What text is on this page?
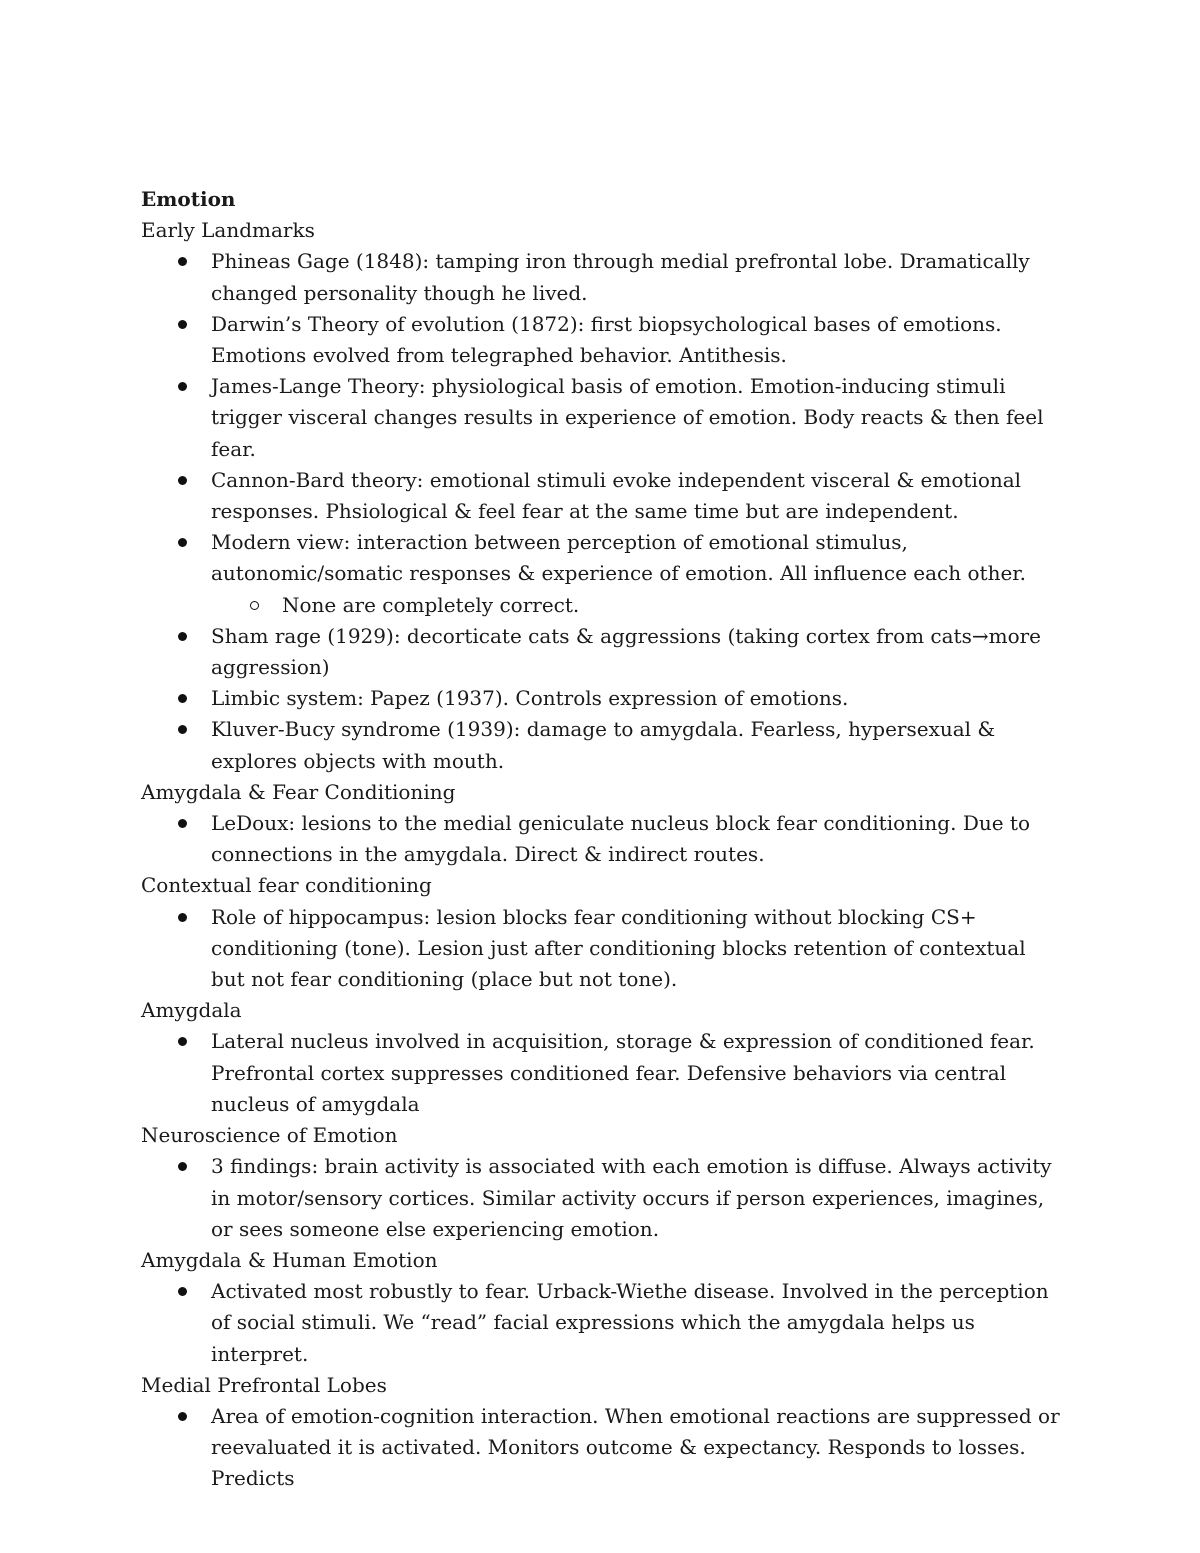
Emotion
Early Landmarks
Phineas Gage (1848): tamping iron through medial prefrontal lobe. Dramatically changed personality though he lived.
Darwin’s Theory of evolution (1872): first biopsychological bases of emotions. Emotions evolved from telegraphed behavior. Antithesis.
James-Lange Theory: physiological basis of emotion. Emotion-inducing stimuli trigger visceral changes results in experience of emotion. Body reacts & then feel fear.
Cannon-Bard theory: emotional stimuli evoke independent visceral & emotional responses. Phsiological & feel fear at the same time but are independent.
Modern view: interaction between perception of emotional stimulus, autonomic/somatic responses & experience of emotion. All influence each other.
None are completely correct.
Sham rage (1929): decorticate cats & aggressions (taking cortex from cats→more aggression)
Limbic system: Papez (1937). Controls expression of emotions.
Kluver-Bucy syndrome (1939): damage to amygdala. Fearless, hypersexual & explores objects with mouth.
Amygdala & Fear Conditioning
LeDoux: lesions to the medial geniculate nucleus block fear conditioning. Due to connections in the amygdala. Direct & indirect routes.
Contextual fear conditioning
Role of hippocampus: lesion blocks fear conditioning without blocking CS+ conditioning (tone). Lesion just after conditioning blocks retention of contextual but not fear conditioning (place but not tone).
Amygdala
Lateral nucleus involved in acquisition, storage & expression of conditioned fear. Prefrontal cortex suppresses conditioned fear. Defensive behaviors via central nucleus of amygdala
Neuroscience of Emotion
3 findings: brain activity is associated with each emotion is diffuse. Always activity in motor/sensory cortices. Similar activity occurs if person experiences, imagines, or sees someone else experiencing emotion.
Amygdala & Human Emotion
Activated most robustly to fear. Urback-Wiethe disease. Involved in the perception of social stimuli. We “read” facial expressions which the amygdala helps us interpret.
Medial Prefrontal Lobes
Area of emotion-cognition interaction. When emotional reactions are suppressed or reevaluated it is activated. Monitors outcome & expectancy. Responds to losses. Predicts
